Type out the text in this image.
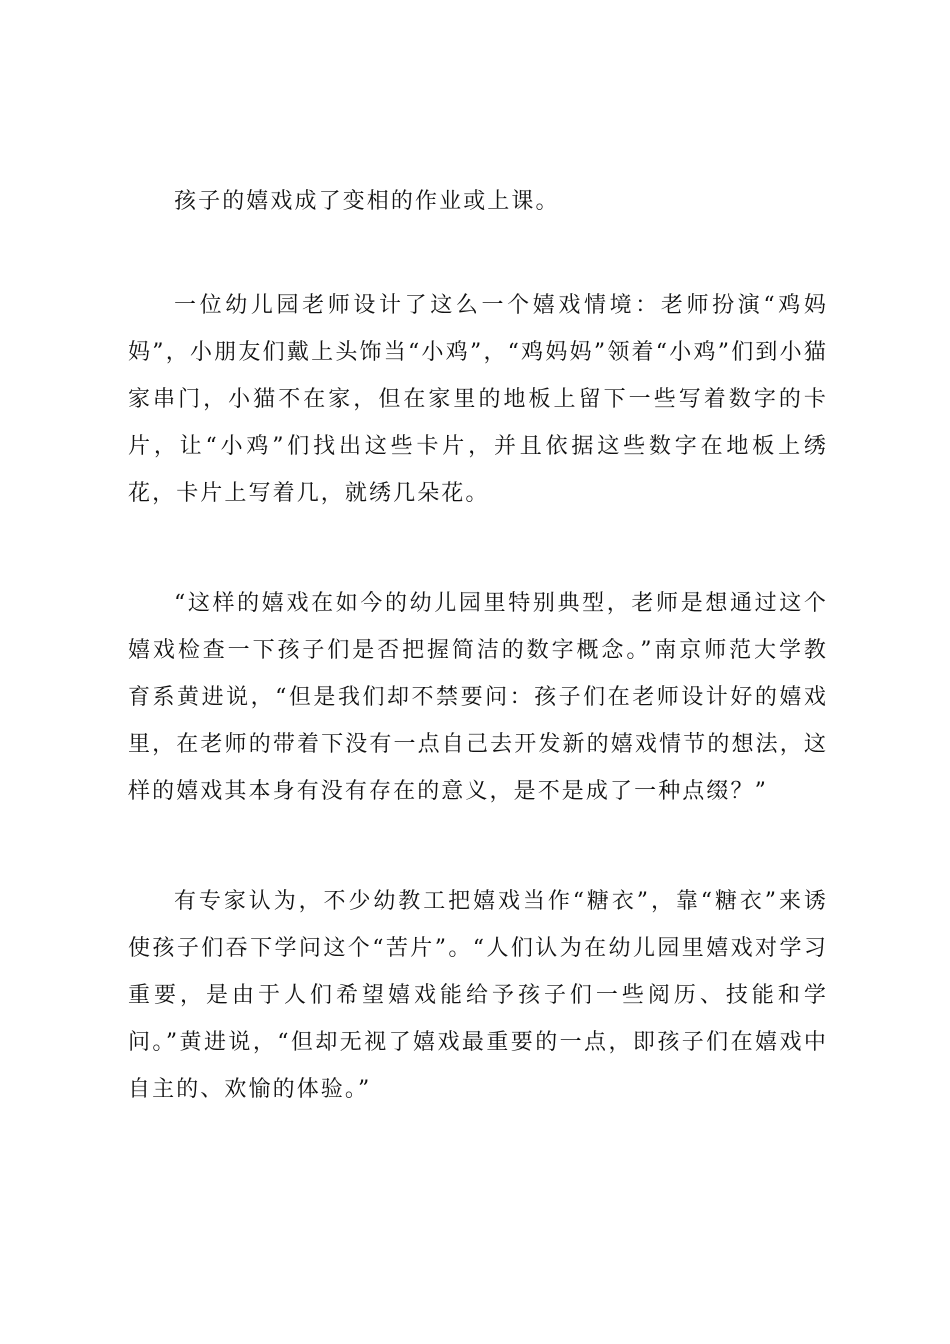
孩子的嬉戏成了变相的作业或上课。

一位幼儿园老师设计了这么一个嬉戏情境：老师扮演“鸡妈妈”，小朋友们戴上头饰当“小鸡”，“鸡妈妈”领着“小鸡”们到小猫家串门，小猫不在家，但在家里的地板上留下一些写着数字的卡片，让“小鸡”们找出这些卡片，并且依据这些数字在地板上绣花，卡片上写着几，就绣几朵花。

“这样的嬉戏在如今的幼儿园里特别典型，老师是想通过这个嬉戏检查一下孩子们是否把握简洁的数字概念。”南京师范大学教育系黄进说，“但是我们却不禁要问：孩子们在老师设计好的嬉戏里，在老师的带着下没有一点自己去开发新的嬉戏情节的想法，这样的嬉戏其本身有没有存在的意义，是不是成了一种点缀？”

有专家认为，不少幼教工把嬉戏当作“糖衣”，靠“糖衣”来诱使孩子们吞下学问这个“苦片”。“人们认为在幼儿园里嬉戏对学习重要，是由于人们希望嬉戏能给予孩子们一些阅历、技能和学问。”黄进说，“但却无视了嬉戏最重要的一点，即孩子们在嬉戏中自主的、欢愉的体验。”
